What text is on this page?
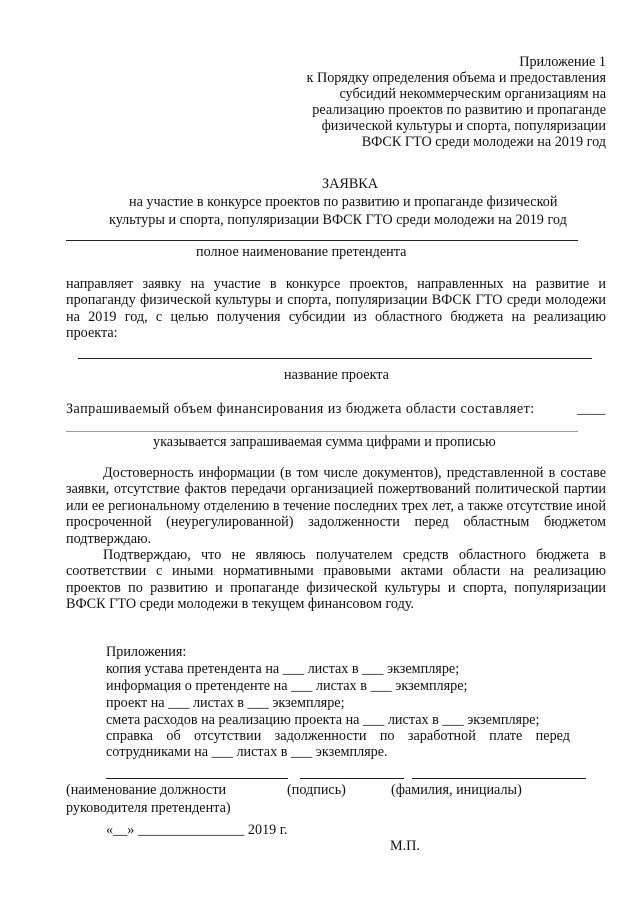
Приложение 1
к Порядку определения объема и предоставления
субсидий некоммерческим организациям на
реализацию проектов по развитию и пропаганде
физической культуры и спорта, популяризации
ВФСК ГТО среди молодежи на 2019 год
ЗАЯВКА
на участие в конкурсе проектов по развитию и пропаганде физической
культуры и спорта, популяризации ВФСК ГТО среди молодежи на 2019 год
полное наименование претендента

направляет заявку на участие в конкурсе проектов, направленных на развитие и пропаганду физической культуры и спорта, популяризации ВФСК ГТО среди молодежи на 2019 год, с целью получения субсидии из областного бюджета на реализацию проекта:

название проекта
Запрашиваемый объем финансирования из бюджета области составляет:	____
указывается запрашиваемая сумма цифрами и прописью

Достоверность информации (в том числе документов), представленной в составе заявки, отсутствие фактов передачи организацией пожертвований политической партии или ее региональному отделению в течение последних трех лет, а также отсутствие иной просроченной (неурегулированной) задолженности перед областным бюджетом подтверждаю.

Подтверждаю, что не являюсь получателем средств областного бюджета в соответствии с иными нормативными правовыми актами области на реализацию проектов по развитию и пропаганде физической культуры и спорта, популяризации ВФСК ГТО среди молодежи в текущем финансовом году.

Приложения:
копия устава претендента на ___ листах в ___ экземпляре;
информация о претенденте на ___ листах в ___ экземпляре;
проект на ___ листах в ___ экземпляре;
смета расходов на реализацию проекта на ___ листах в ___ экземпляре;

справка об отсутствии задолженности по заработной плате перед сотрудниками на ___ листах в ___ экземпляре.

(наименование должности	(подпись)	(фамилия, инициалы)
руководителя претендента)
«__» _______________ 2019 г.
М.П.
